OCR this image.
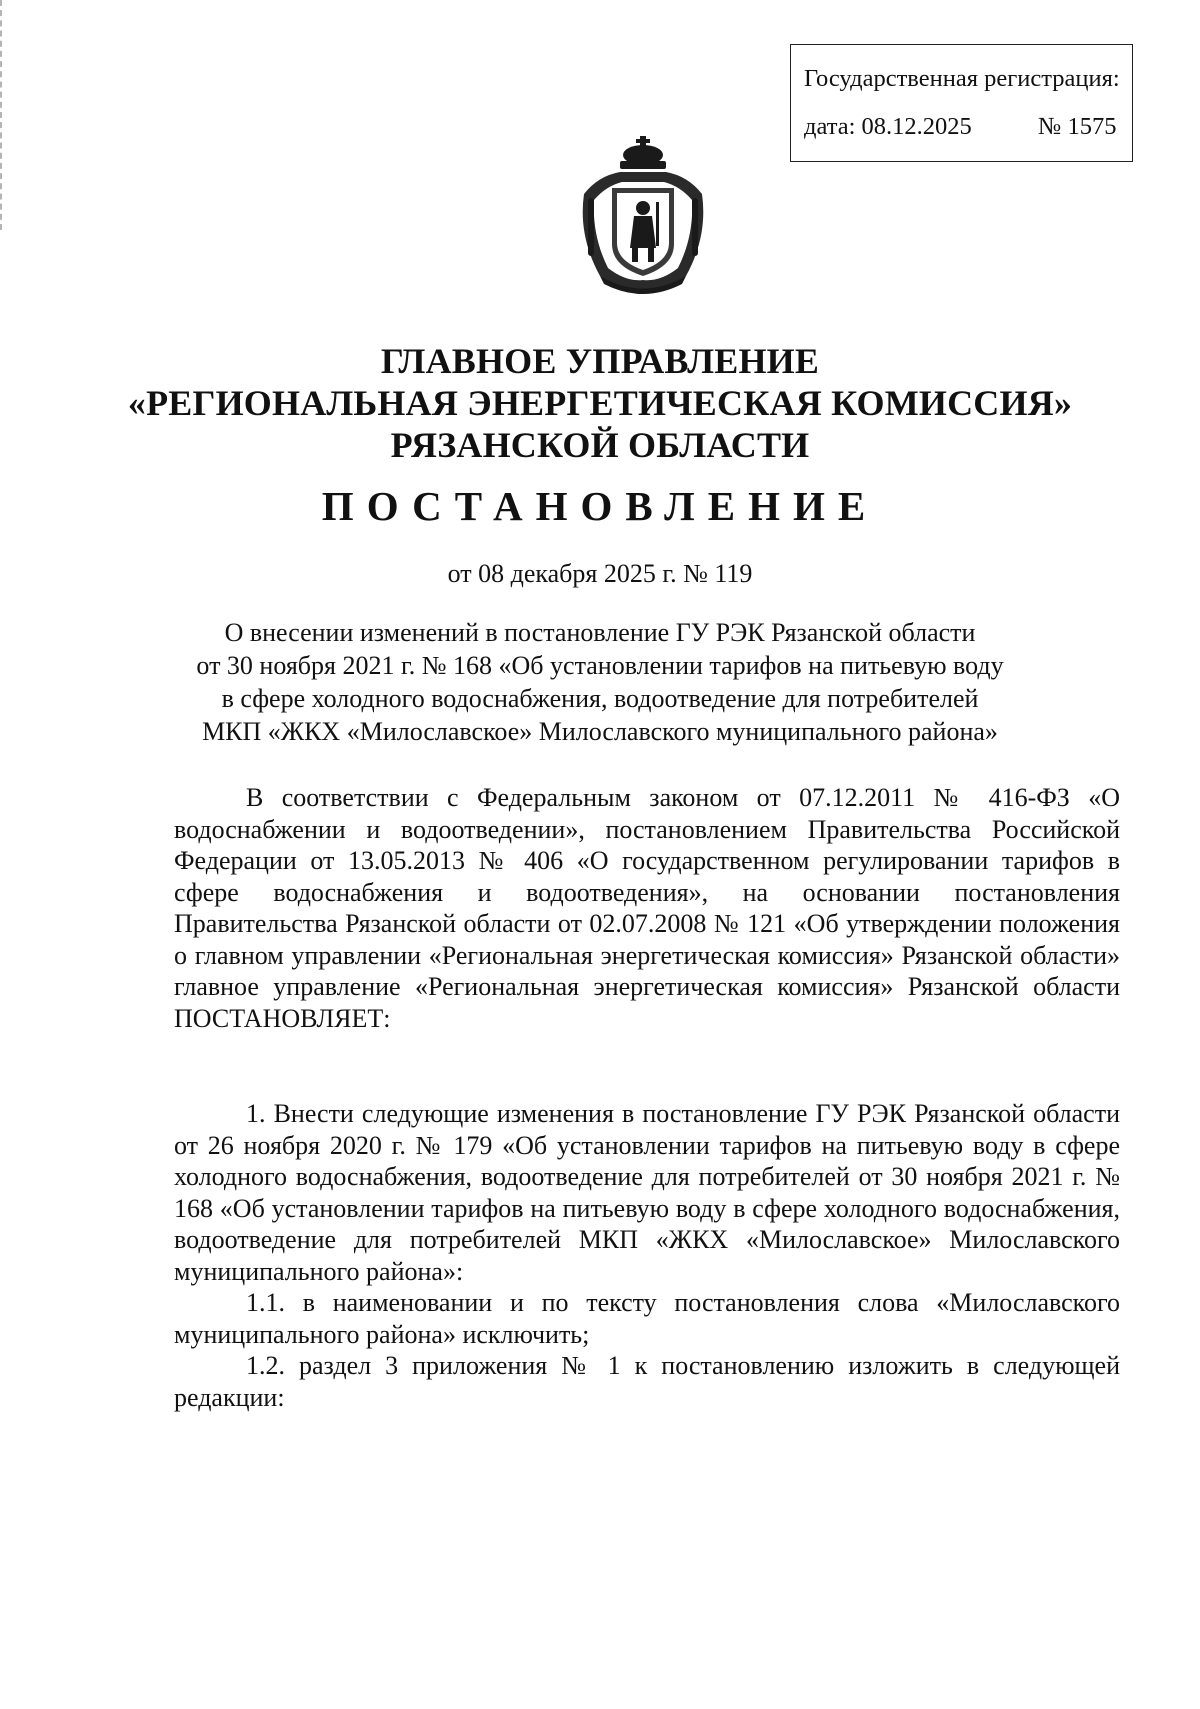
Государственная регистрация:
дата: 08.12.2025	№ 1575
ГЛАВНОЕ УПРАВЛЕНИЕ
«РЕГИОНАЛЬНАЯ ЭНЕРГЕТИЧЕСКАЯ КОМИССИЯ»
РЯЗАНСКОЙ ОБЛАСТИ
ПОСТАНОВЛЕНИЕ
от 08 декабря 2025 г. № 119
О внесении изменений в постановление ГУ РЭК Рязанской области
от 30 ноября 2021 г. № 168 «Об установлении тарифов на питьевую воду
в сфере холодного водоснабжения, водоотведение для потребителей
МКП «ЖКХ «Милославское» Милославского муниципального района»
В соответствии с Федеральным законом от 07.12.2011 № 416-ФЗ «О водоснабжении и водоотведении», постановлением Правительства Российской Федерации от 13.05.2013 № 406 «О государственном регулировании тарифов в сфере водоснабжения и водоотведения», на основании постановления Правительства Рязанской области от 02.07.2008 № 121 «Об утверждении положения о главном управлении «Региональная энергетическая комиссия» Рязанской области» главное управление «Региональная энергетическая комиссия» Рязанской области ПОСТАНОВЛЯЕТ:
1. Внести следующие изменения в постановление ГУ РЭК Рязанской области от 26 ноября 2020 г. № 179 «Об установлении тарифов на питьевую воду в сфере холодного водоснабжения, водоотведение для потребителей от 30 ноября 2021 г. № 168 «Об установлении тарифов на питьевую воду в сфере холодного водоснабжения, водоотведение для потребителей МКП «ЖКХ «Милославское» Милославского муниципального района»:
1.1. в наименовании и по тексту постановления слова «Милославского муниципального района» исключить;
1.2. раздел 3 приложения № 1 к постановлению изложить в следующей редакции:
